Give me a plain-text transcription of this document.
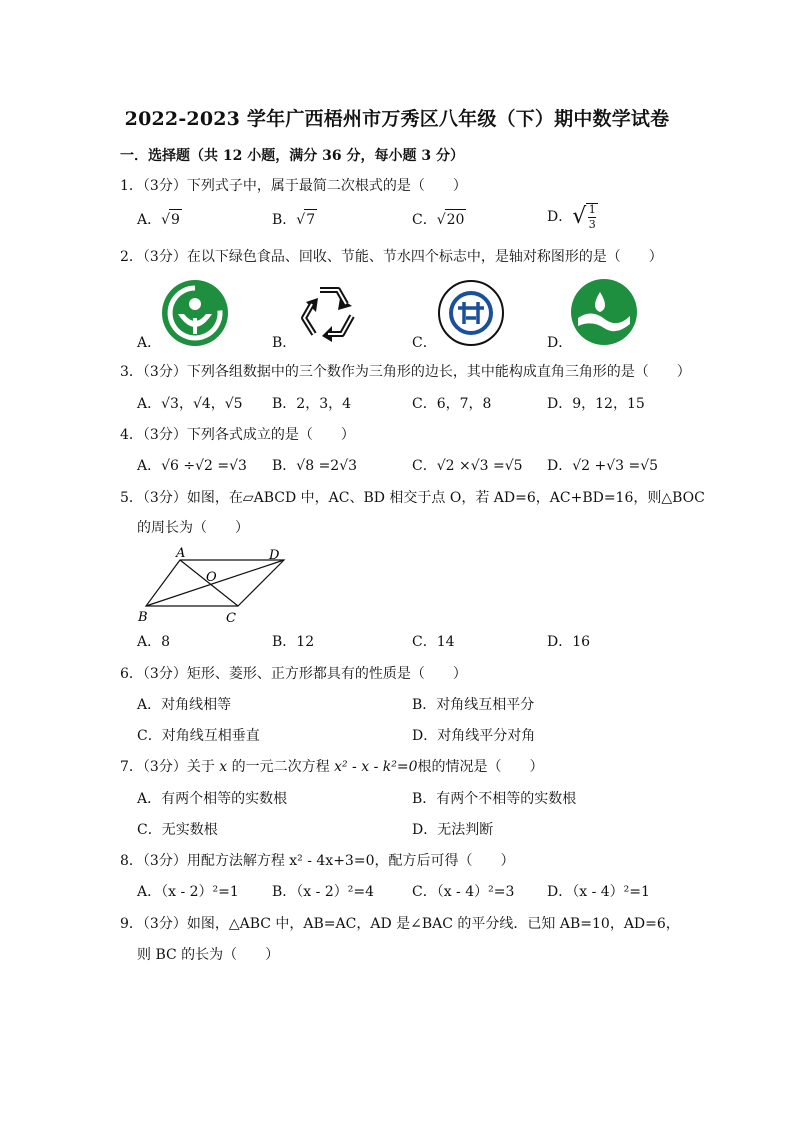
2022-2023 学年广西梧州市万秀区八年级（下）期中数学试卷
一．选择题（共 12 小题，满分 36 分，每小题 3 分）
1．（3分）下列式子中，属于最简二次根式的是（　　）
A．√9	B．√7	C．√20	D．√ $\frac{1}{3}$
2．（3分）在以下绿色食品、回收、节能、节水四个标志中，是轴对称图形的是（　　）
A．	B．	C．	D．
3．（3分）下列各组数据中的三个数作为三角形的边长，其中能构成直角三角形的是（　　）
A．√3，√4，√5 B．2，3，4	C．6，7，8	D．9，12，15
4．（3分）下列各式成立的是（　　）
A．√6 ÷√2 =√3 B．√8 =2√3	C．√2 ×√3 =√5 D．√2 +√3 =√5
5．（3分）如图，在▱ABCD 中，AC、BD 相交于点 O，若 AD=6，AC+BD=16，则△BOC
的周长为（　　）
A	D
B	C
O
A．8	B．12	C．14	D．16
6．（3分）矩形、菱形、正方形都具有的性质是（　　）
A．对角线相等	B．对角线互相平分
C．对角线互相垂直	D．对角线平分对角
7．（3分）关于 x 的一元二次方程 x² - x - k²=0根的情况是（　　）
A．有两个相等的实数根	B．有两个不相等的实数根
C．无实数根	D．无法判断
8．（3分）用配方法解方程 x² - 4x+3=0，配方后可得（　　）
A．（x - 2）²=1 B．（x - 2）²=4	C．（x - 4）²=3 D．（x - 4）²=1
9．（3分）如图，△ABC 中，AB=AC，AD 是∠BAC 的平分线．已知 AB=10，AD=6，
则 BC 的长为（　　）
